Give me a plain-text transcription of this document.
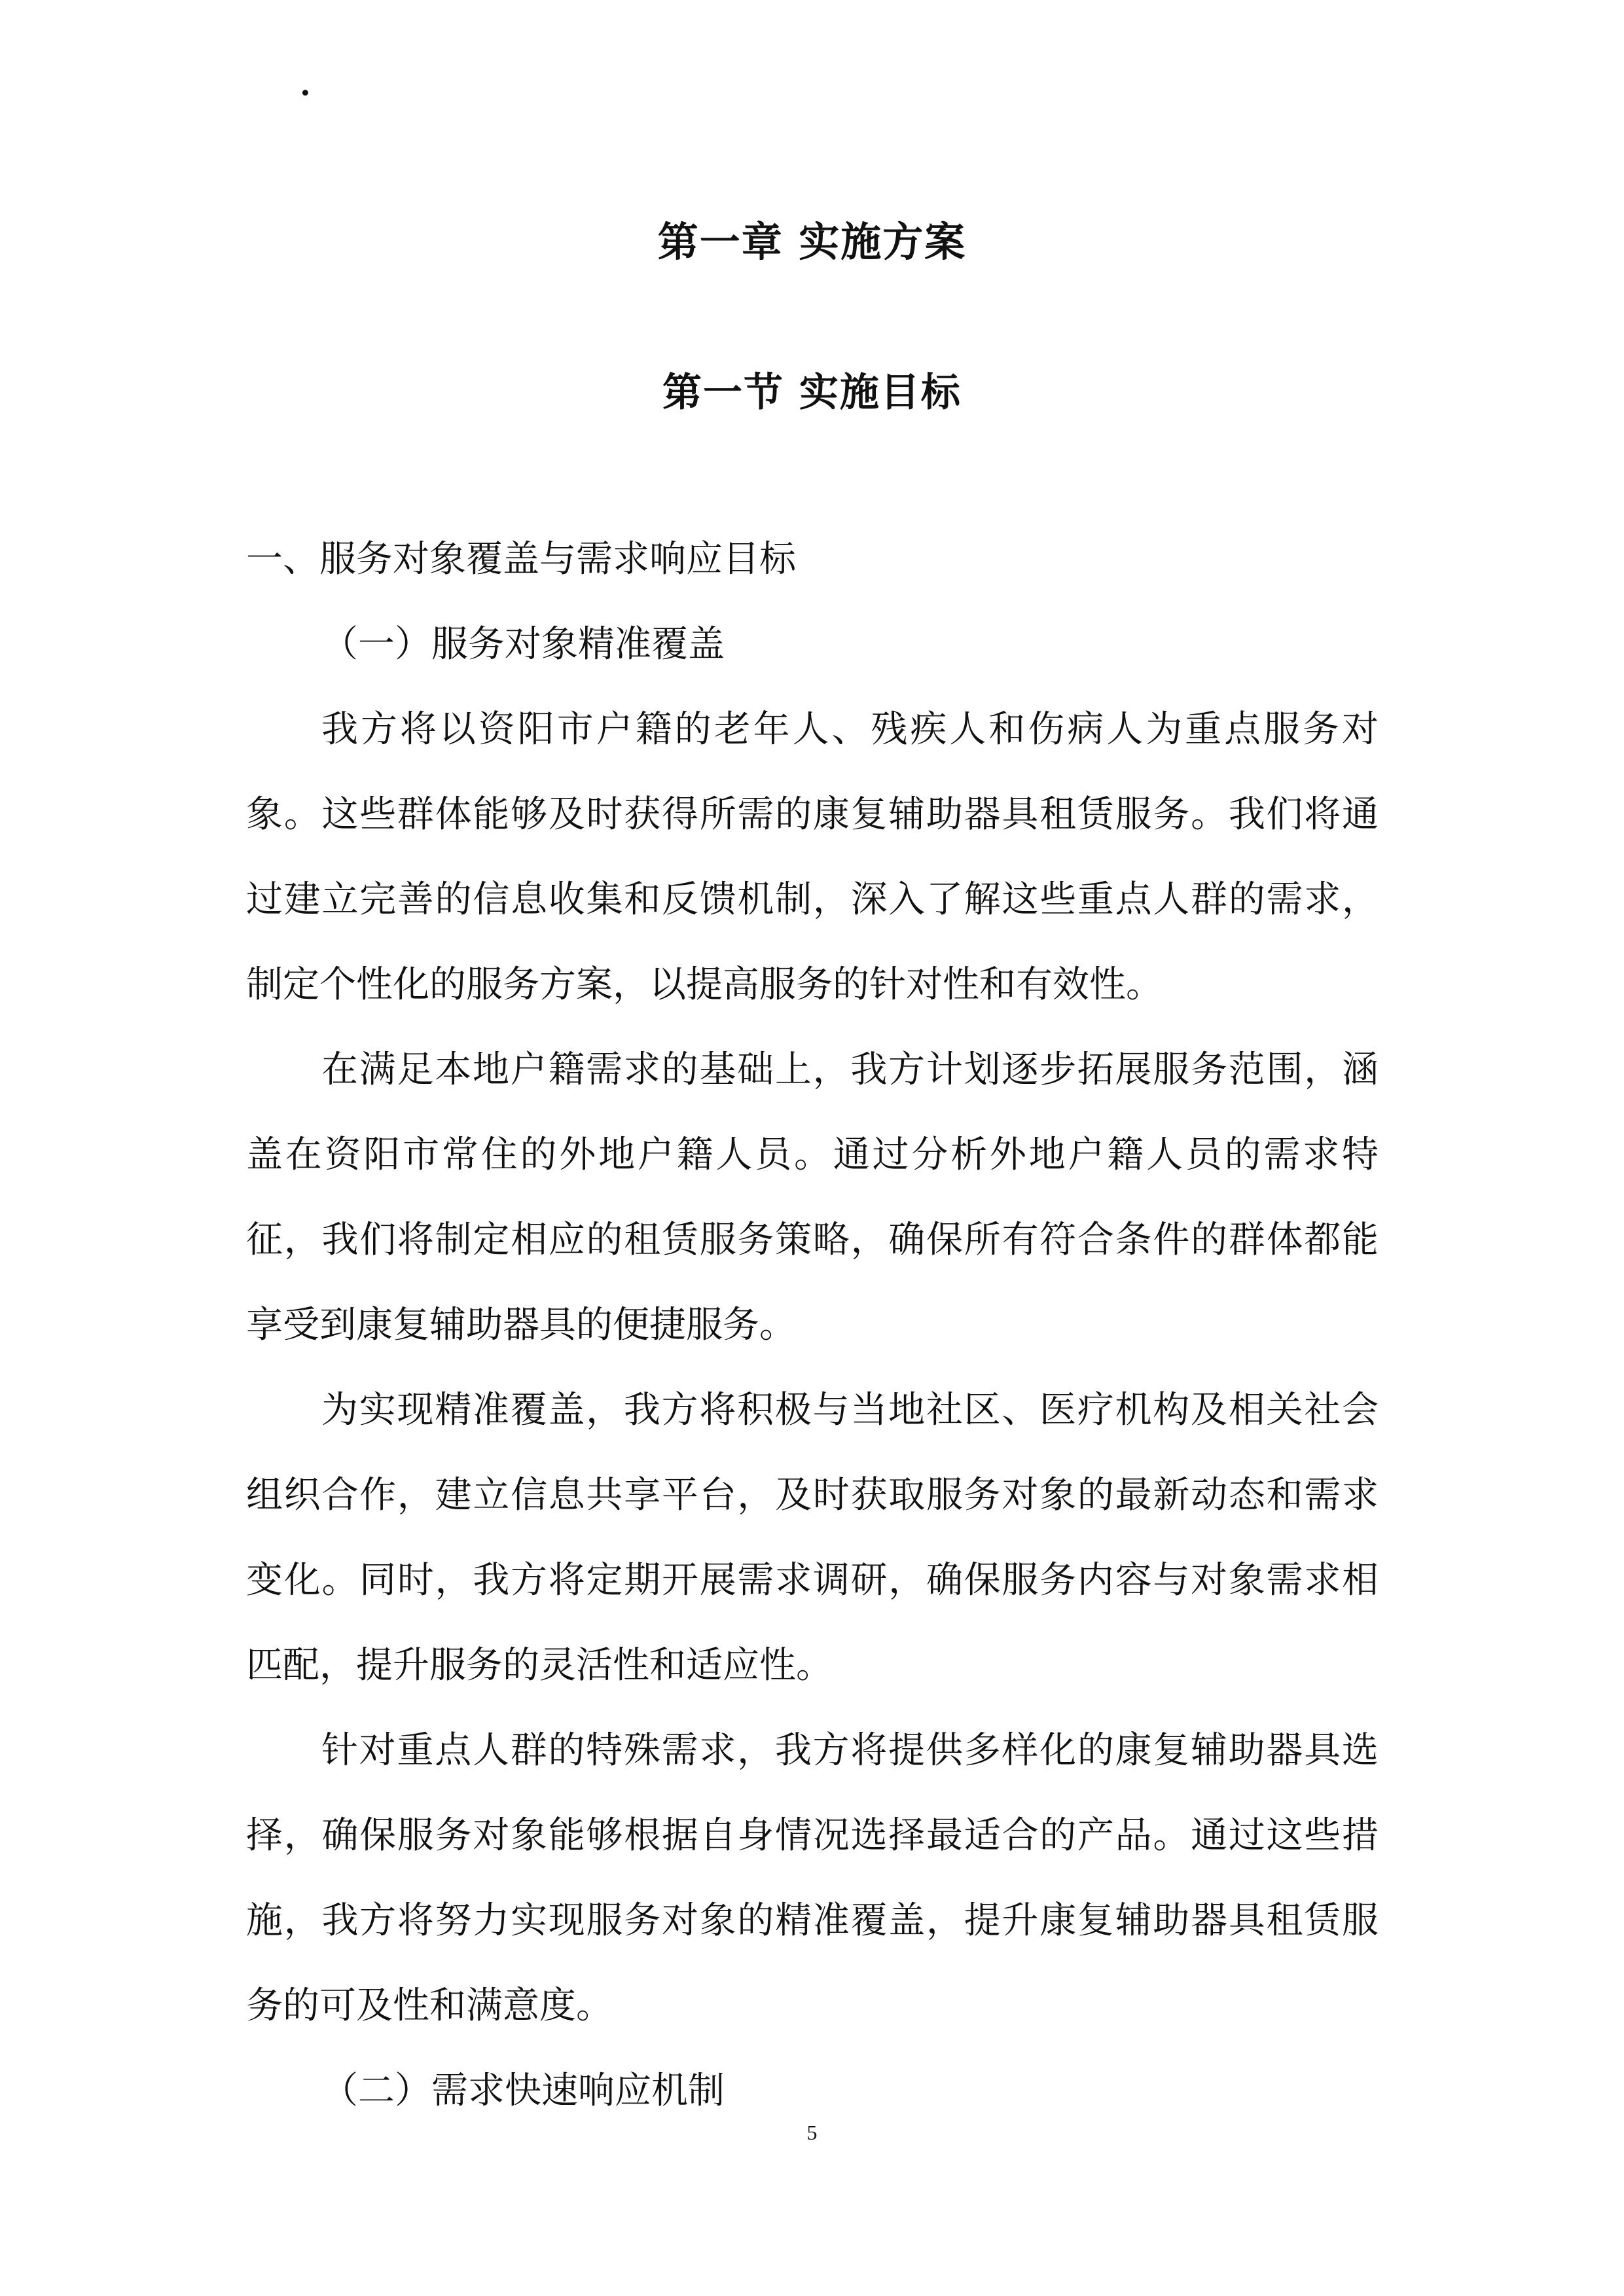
·
第一章 实施方案
第一节 实施目标

一、服务对象覆盖与需求响应目标

（一）服务对象精准覆盖

我方将以资阳市户籍的老年人、残疾人和伤病人为重点服务对象。这些群体能够及时获得所需的康复辅助器具租赁服务。我们将通过建立完善的信息收集和反馈机制，深入了解这些重点人群的需求，制定个性化的服务方案，以提高服务的针对性和有效性。

在满足本地户籍需求的基础上，我方计划逐步拓展服务范围，涵盖在资阳市常住的外地户籍人员。通过分析外地户籍人员的需求特征，我们将制定相应的租赁服务策略，确保所有符合条件的群体都能享受到康复辅助器具的便捷服务。

为实现精准覆盖，我方将积极与当地社区、医疗机构及相关社会组织合作，建立信息共享平台，及时获取服务对象的最新动态和需求变化。同时，我方将定期开展需求调研，确保服务内容与对象需求相匹配，提升服务的灵活性和适应性。

针对重点人群的特殊需求，我方将提供多样化的康复辅助器具选择，确保服务对象能够根据自身情况选择最适合的产品。通过这些措施，我方将努力实现服务对象的精准覆盖，提升康复辅助器具租赁服务的可及性和满意度。

（二）需求快速响应机制

5
